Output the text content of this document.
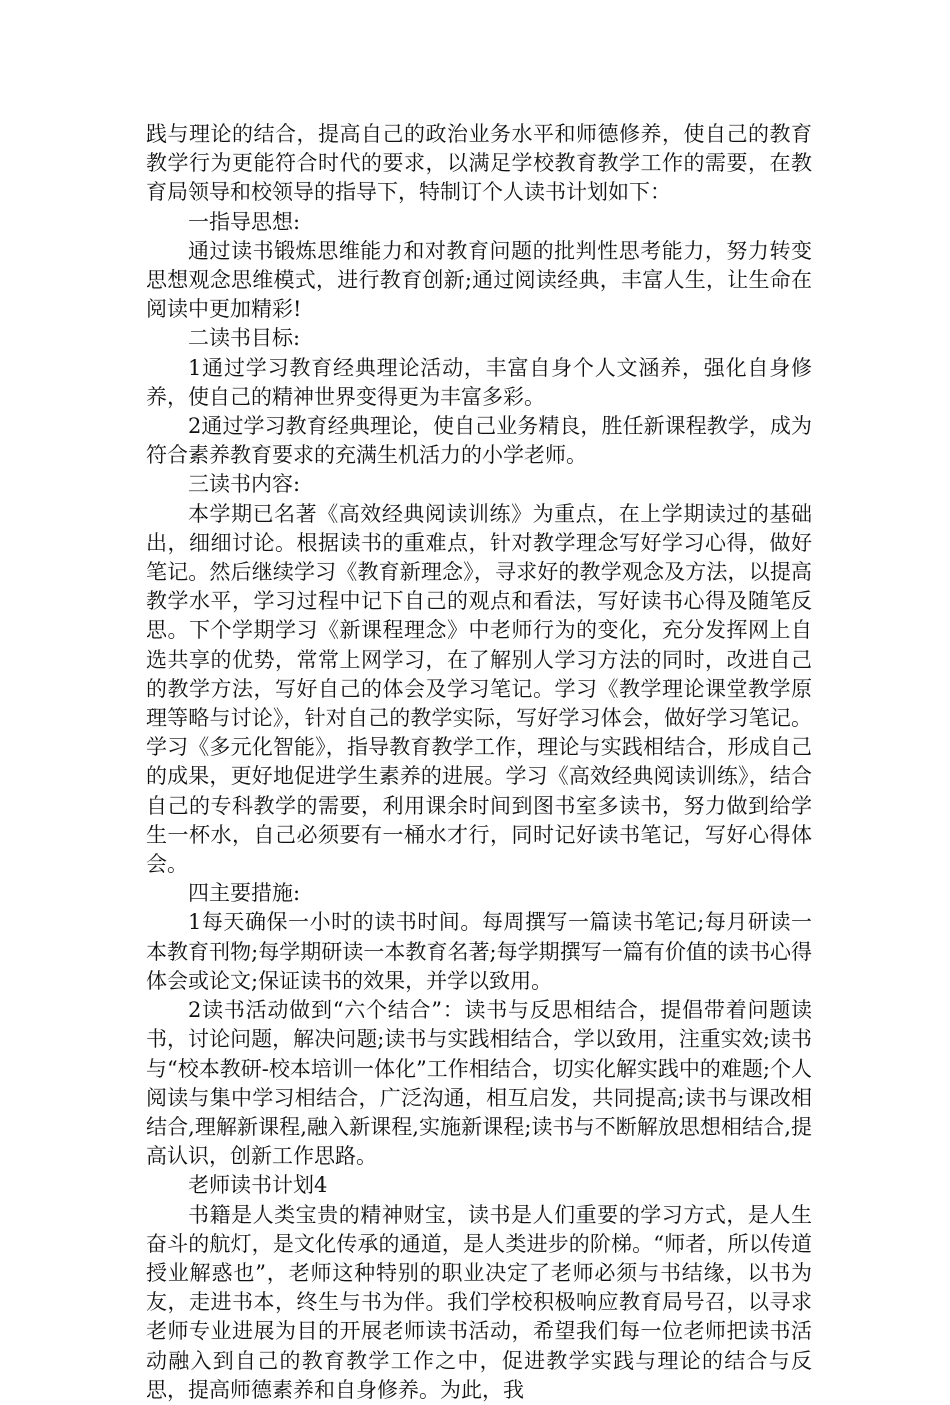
践与理论的结合，提高自己的政治业务水平和师德修养，使自己的教育教学行为更能符合时代的要求，以满足学校教育教学工作的需要，在教育局领导和校领导的指导下，特制订个人读书计划如下：

一指导思想:

通过读书锻炼思维能力和对教育问题的批判性思考能力，努力转变思想观念思维模式，进行教育创新;通过阅读经典，丰富人生，让生命在阅读中更加精彩!

二读书目标:

1通过学习教育经典理论活动，丰富自身个人文涵养，强化自身修养，使自己的精神世界变得更为丰富多彩。

2通过学习教育经典理论，使自己业务精良，胜任新课程教学，成为符合素养教育要求的充满生机活力的小学老师。

三读书内容:

本学期已名著《高效经典阅读训练》为重点，在上学期读过的基础出，细细讨论。根据读书的重难点，针对教学理念写好学习心得，做好笔记。然后继续学习《教育新理念》，寻求好的教学观念及方法，以提高教学水平，学习过程中记下自己的观点和看法，写好读书心得及随笔反思。下个学期学习《新课程理念》中老师行为的变化，充分发挥网上自选共享的优势，常常上网学习，在了解别人学习方法的同时，改进自己的教学方法，写好自己的体会及学习笔记。学习《教学理论课堂教学原理等略与讨论》，针对自己的教学实际，写好学习体会，做好学习笔记。学习《多元化智能》，指导教育教学工作，理论与实践相结合，形成自己的成果，更好地促进学生素养的进展。学习《高效经典阅读训练》，结合自己的专科教学的需要，利用课余时间到图书室多读书，努力做到给学生一杯水，自己必须要有一桶水才行，同时记好读书笔记，写好心得体会。

四主要措施:

1每天确保一小时的读书时间。每周撰写一篇读书笔记;每月研读一本教育刊物;每学期研读一本教育名著;每学期撰写一篇有价值的读书心得体会或论文;保证读书的效果，并学以致用。

2读书活动做到“六个结合”：读书与反思相结合，提倡带着问题读书，讨论问题，解决问题;读书与实践相结合，学以致用，注重实效;读书与“校本教研-校本培训一体化”工作相结合，切实化解实践中的难题;个人阅读与集中学习相结合，广泛沟通，相互启发，共同提高;读书与课改相结合,理解新课程,融入新课程,实施新课程;读书与不断解放思想相结合,提高认识，创新工作思路。

老师读书计划4

书籍是人类宝贵的精神财宝，读书是人们重要的学习方式，是人生奋斗的航灯，是文化传承的通道，是人类进步的阶梯。“师者，所以传道授业解惑也”，老师这种特别的职业决定了老师必须与书结缘，以书为友，走进书本，终生与书为伴。我们学校积极响应教育局号召，以寻求老师专业进展为目的开展老师读书活动，希望我们每一位老师把读书活动融入到自己的教育教学工作之中，促进教学实践与理论的结合与反思，提高师德素养和自身修养。为此，我
